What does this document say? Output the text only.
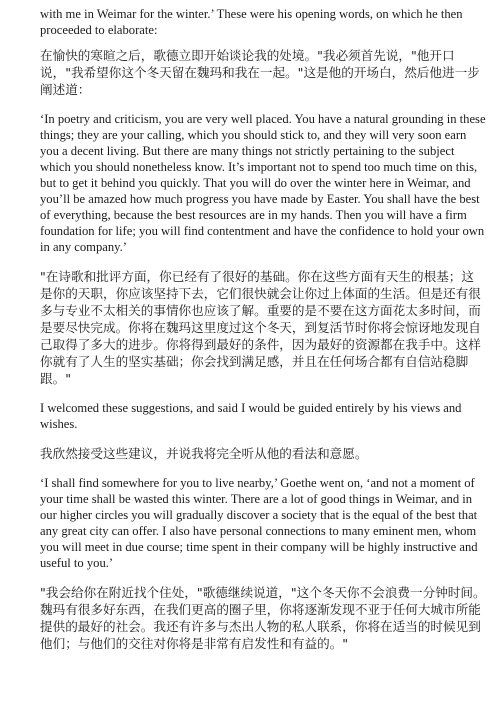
with me in Weimar for the winter.’ These were his opening words, on which he then proceeded to elaborate:

在愉快的寒暄之后，歌德立即开始谈论我的处境。"我必须首先说，"他开口说，"我希望你这个冬天留在魏玛和我在一起。"这是他的开场白，然后他进一步阐述道：

‘In poetry and criticism, you are very well placed. You have a natural grounding in these things; they are your calling, which you should stick to, and they will very soon earn you a decent living. But there are many things not strictly pertaining to the subject which you should nonetheless know. It’s important not to spend too much time on this, but to get it behind you quickly. That you will do over the winter here in Weimar, and you’ll be amazed how much progress you have made by Easter. You shall have the best of everything, because the best resources are in my hands. Then you will have a firm foundation for life; you will find contentment and have the confidence to hold your own in any company.’

"在诗歌和批评方面，你已经有了很好的基础。你在这些方面有天生的根基；这是你的天职，你应该坚持下去，它们很快就会让你过上体面的生活。但是还有很多与专业不太相关的事情你也应该了解。重要的是不要在这方面花太多时间，而是要尽快完成。你将在魏玛这里度过这个冬天，到复活节时你将会惊讶地发现自己取得了多大的进步。你将得到最好的条件，因为最好的资源都在我手中。这样你就有了人生的坚实基础；你会找到满足感，并且在任何场合都有自信站稳脚跟。"

I welcomed these suggestions, and said I would be guided entirely by his views and wishes.

我欣然接受这些建议，并说我将完全听从他的看法和意愿。

‘I shall find somewhere for you to live nearby,’ Goethe went on, ‘and not a moment of your time shall be wasted this winter. There are a lot of good things in Weimar, and in our higher circles you will gradually discover a society that is the equal of the best that any great city can offer. I also have personal connections to many eminent men, whom you will meet in due course; time spent in their company will be highly instructive and useful to you.’

"我会给你在附近找个住处，"歌德继续说道，"这个冬天你不会浪费一分钟时间。魏玛有很多好东西，在我们更高的圈子里，你将逐渐发现不亚于任何大城市所能提供的最好的社会。我还有许多与杰出人物的私人联系，你将在适当的时候见到他们；与他们的交往对你将是非常有启发性和有益的。"
